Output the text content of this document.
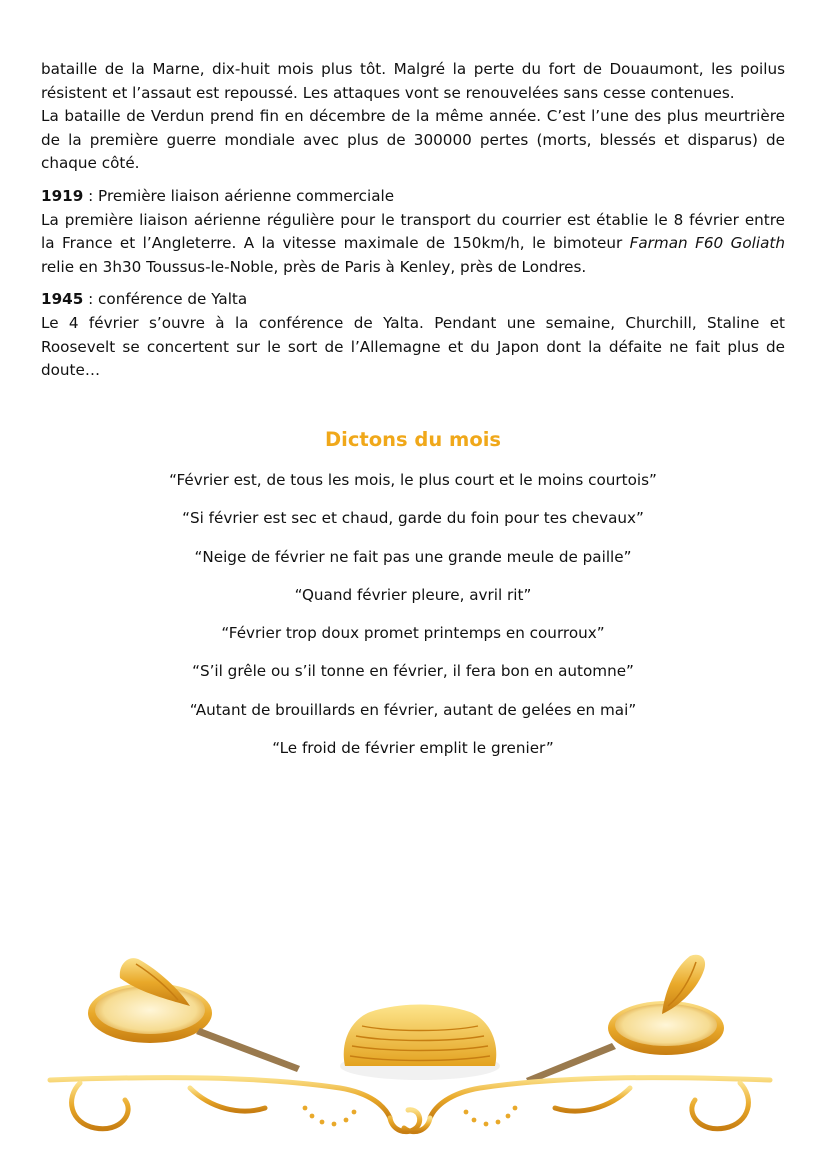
bataille de la Marne, dix-huit mois plus tôt. Malgré la perte du fort de Douaumont, les poilus résistent et l’assaut est repoussé. Les attaques vont se renouvelées sans cesse contenues.

La bataille de Verdun prend fin en décembre de la même année. C’est l’une des plus meurtrière de la première guerre mondiale avec plus de 300000 pertes (morts, blessés et disparus) de chaque côté.

1919 : Première liaison aérienne commerciale

La première liaison aérienne régulière pour le transport du courrier est établie le 8 février entre la France et l’Angleterre. A la vitesse maximale de 150km/h, le bimoteur Farman F60 Goliath relie en 3h30 Toussus-le-Noble, près de Paris à Kenley, près de Londres.

1945 : conférence de Yalta

Le 4 février s’ouvre à la conférence de Yalta. Pendant une semaine, Churchill, Staline et Roosevelt se concertent sur le sort de l’Allemagne et du Japon dont la défaite ne fait plus de doute…

Dictons du mois
“Février est, de tous les mois, le plus court et le moins courtois”
“Si février est sec et chaud, garde du foin pour tes chevaux”
“Neige de février ne fait pas une grande meule de paille”
“Quand février pleure, avril rit”
“Février trop doux promet printemps en courroux”
“S’il grêle ou s’il tonne en février, il fera bon en automne”
“Autant de brouillards en février, autant de gelées en mai”
“Le froid de février emplit le grenier”
